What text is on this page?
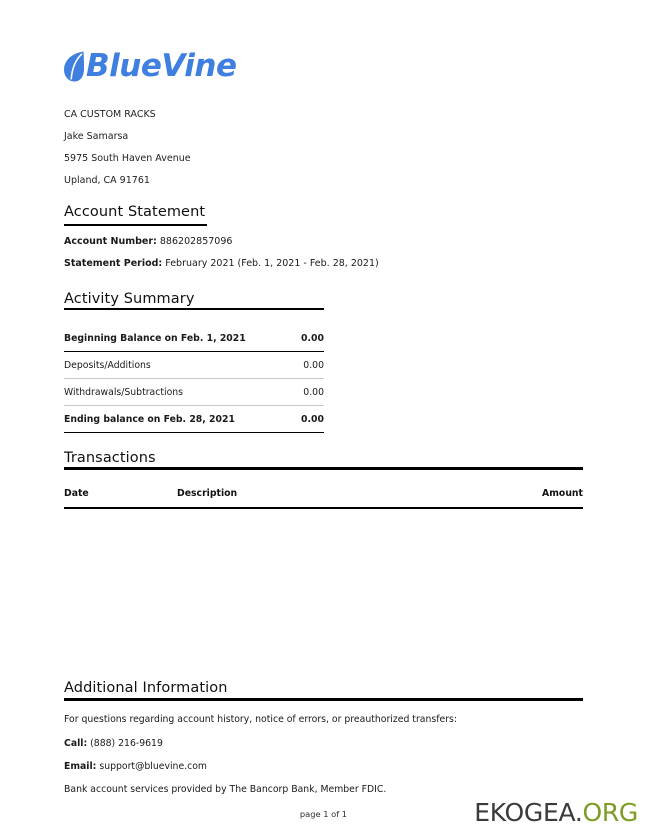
BlueVine
CA CUSTOM RACKS
Jake Samarsa
5975 South Haven Avenue
Upland, CA 91761
Account Statement
Account Number: 886202857096
Statement Period: February 2021 (Feb. 1, 2021 - Feb. 28, 2021)
Activity Summary
Beginning Balance on Feb. 1, 2021	0.00
Deposits/Additions	0.00
Withdrawals/Subtractions	0.00
Ending balance on Feb. 28, 2021	0.00
Transactions
Date	Description	Amount
Additional Information
For questions regarding account history, notice of errors, or preauthorized transfers:
Call: (888) 216-9619
Email: support@bluevine.com
Bank account services provided by The Bancorp Bank, Member FDIC.
page 1 of 1	EKOGEA.ORG
